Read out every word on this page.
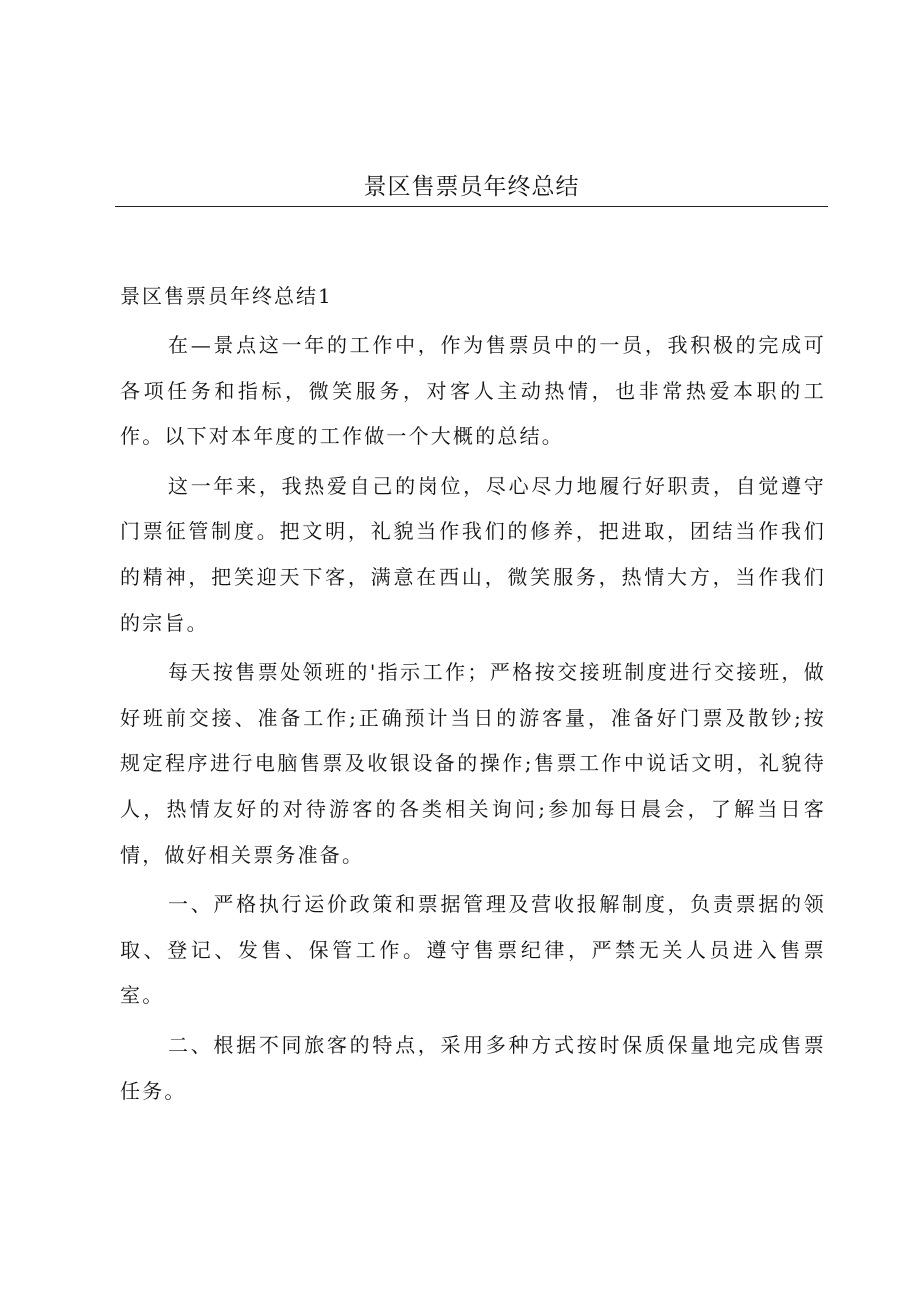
景区售票员年终总结
景区售票员年终总结1

在—景点这一年的工作中，作为售票员中的一员，我积极的完成可各项任务和指标，微笑服务，对客人主动热情，也非常热爱本职的工作。以下对本年度的工作做一个大概的总结。

这一年来，我热爱自己的岗位，尽心尽力地履行好职责，自觉遵守门票征管制度。把文明，礼貌当作我们的修养，把进取，团结当作我们的精神，把笑迎天下客，满意在西山，微笑服务，热情大方，当作我们的宗旨。

每天按售票处领班的'指示工作；严格按交接班制度进行交接班，做好班前交接、准备工作;正确预计当日的游客量，准备好门票及散钞;按规定程序进行电脑售票及收银设备的操作;售票工作中说话文明，礼貌待人，热情友好的对待游客的各类相关询问;参加每日晨会，了解当日客情，做好相关票务准备。

一、严格执行运价政策和票据管理及营收报解制度，负责票据的领取、登记、发售、保管工作。遵守售票纪律，严禁无关人员进入售票室。

二、根据不同旅客的特点，采用多种方式按时保质保量地完成售票任务。
